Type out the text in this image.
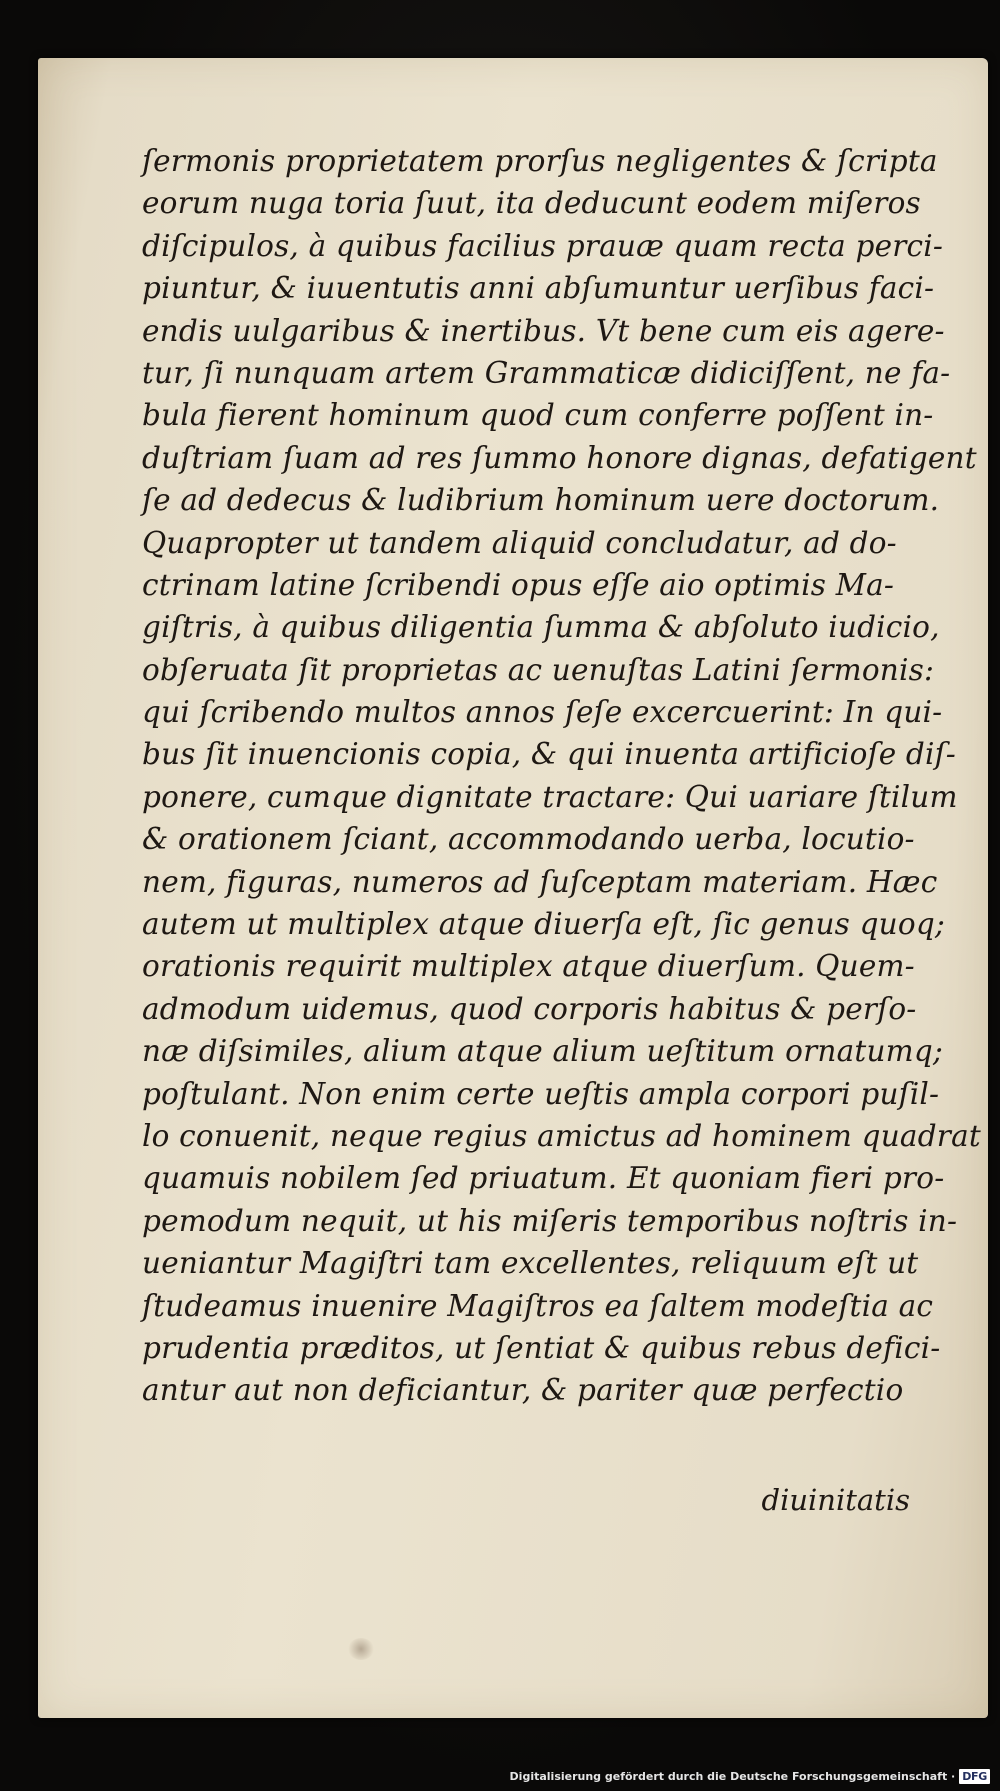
ſermonis proprietatem prorſus negligentes & ſcripta
eorum nuga toria ſuut, ita deducunt eodem miſeros
diſcipulos, à quibus facilius prauæ quam recta perci-
piuntur, & iuuentutis anni abſumuntur uerſibus faci-
endis uulgaribus & inertibus. Vt bene cum eis agere-
tur, ſi nunquam artem Grammaticæ didiciſſent, ne fa-
bula fierent hominum quod cum conferre poſſent in-
duſtriam ſuam ad res ſummo honore dignas, defatigent
ſe ad dedecus & ludibrium hominum uere doctorum.
Quapropter ut tandem aliquid concludatur, ad do-
ctrinam latine ſcribendi opus eſſe aio optimis Ma-
giſtris, à quibus diligentia ſumma & abſoluto iudicio,
obſeruata ſit proprietas ac uenuſtas Latini ſermonis:
qui ſcribendo multos annos ſeſe excercuerint: In qui-
bus ſit inuencionis copia, & qui inuenta artificioſe diſ-
ponere, cumque dignitate tractare: Qui uariare ſtilum
& orationem ſciant, accommodando uerba, locutio-
nem, figuras, numeros ad ſuſceptam materiam. Hæc
autem ut multiplex atque diuerſa eſt, ſic genus quoq;
orationis requirit multiplex atque diuerſum. Quem-
admodum uidemus, quod corporis habitus & perſo-
næ diſsimiles, alium atque alium ueſtitum ornatumq;
poſtulant. Non enim certe ueſtis ampla corpori puſil-
lo conuenit, neque regius amictus ad hominem quadrat
quamuis nobilem ſed priuatum. Et quoniam fieri pro-
pemodum nequit, ut his miſeris temporibus noſtris in-
ueniantur Magiſtri tam excellentes, reliquum eſt ut
ſtudeamus inuenire Magiſtros ea ſaltem modeſtia ac
prudentia præditos, ut ſentiat & quibus rebus defici-
antur aut non deficiantur, & pariter quæ perfectio
diuinitatis
Digitalisierung gefördert durch die Deutsche Forschungsgemeinschaft · DFG
